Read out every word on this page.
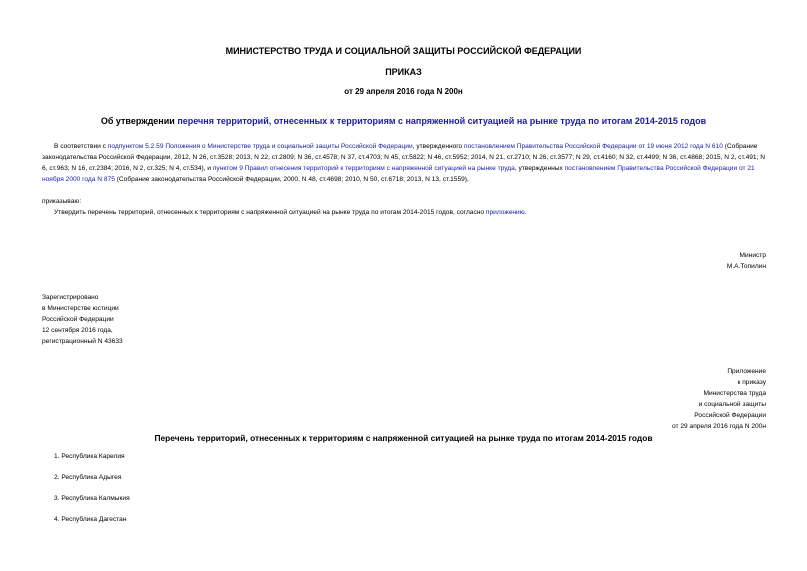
МИНИСТЕРСТВО ТРУДА И СОЦИАЛЬНОЙ ЗАЩИТЫ РОССИЙСКОЙ ФЕДЕРАЦИИ
ПРИКАЗ
от 29 апреля 2016 года N 200н
Об утверждении перечня территорий, отнесенных к территориям с напряженной ситуацией на рынке труда по итогам 2014-2015 годов
В соответствии с подпунктом 5.2.59 Положения о Министерстве труда и социальной защиты Российской Федерации, утвержденного постановлением Правительства Российской Федерации от 19 июня 2012 года N 610 (Собрание законодательства Российской Федерации, 2012, N 26, ст.3528; 2013, N 22, ст.2809; N 36, ст.4578; N 37, ст.4703; N 45, ст.5822; N 46, ст.5952; 2014, N 21, ст.2710; N 26, ст.3577; N 29, ст.4160; N 32, ст.4499; N 36, ст.4868; 2015, N 2, ст.491; N 6, ст.963; N 16, ст.2384; 2016, N 2, ст.325; N 4, ст.534), и пунктом 9 Правил отнесения территорий к территориям с напряженной ситуацией на рынке труда, утвержденных постановлением Правительства Российской Федерации от 21 ноября 2000 года N 875 (Собрание законодательства Российской Федерации, 2000, N 48, ст.4698; 2010, N 50, ст.6718; 2013, N 13, ст.1559),
приказываю:
Утвердить перечень территорий, отнесенных к территориям с напряженной ситуацией на рынке труда по итогам 2014-2015 годов, согласно приложению.
Министр
М.А.Топилин
Зарегистрировано
в Министерстве юстиции
Российской Федерации
12 сентября 2016 года,
регистрационный N 43633
Приложение
к приказу
Министерства труда
и социальной защиты
Российской Федерации
от 29 апреля 2016 года N 200н
Перечень территорий, отнесенных к территориям с напряженной ситуацией на рынке труда по итогам 2014-2015 годов
1. Республика Карелия
2. Республика Адыгея
3. Республика Калмыкия
4. Республика Дагестан
